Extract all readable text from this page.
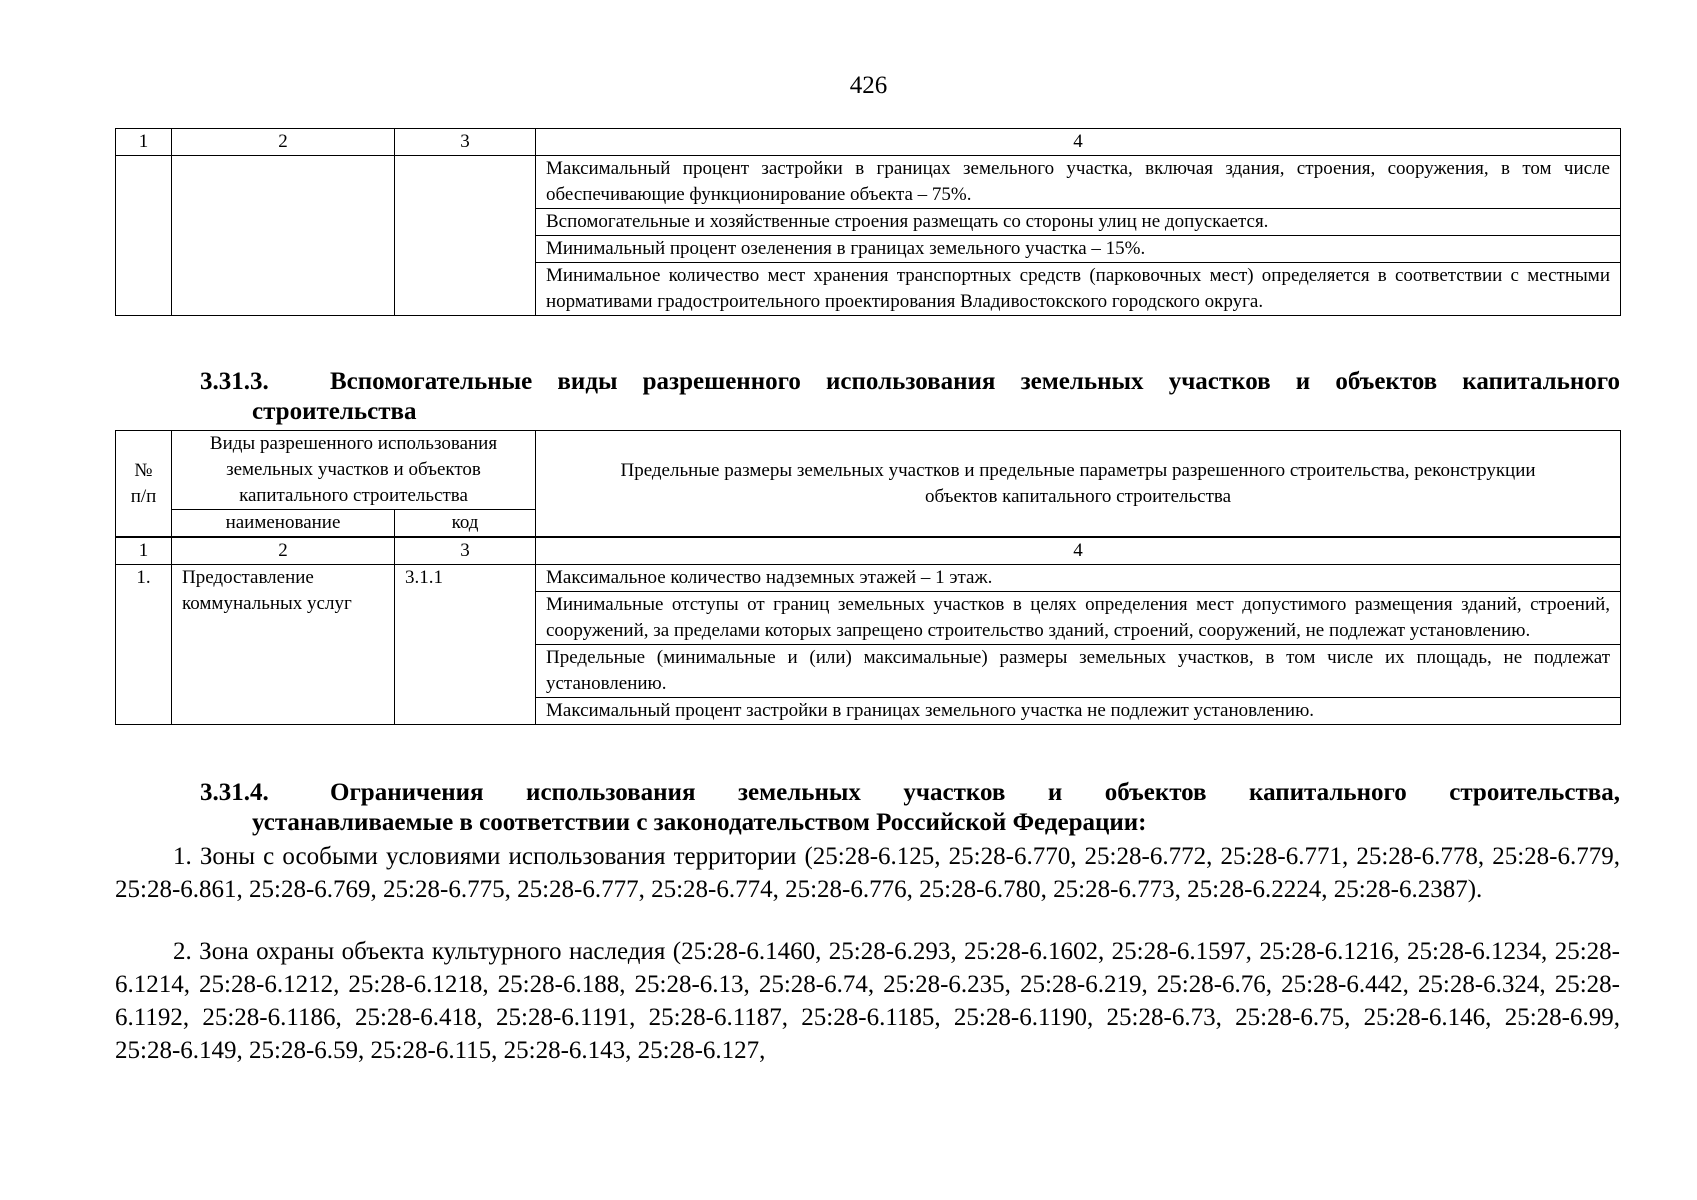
426
1	2	3	4
			Максимальный процент застройки в границах земельного участка, включая здания, строения, сооружения, в том числе обеспечивающие функционирование объекта – 75%.
			Вспомогательные и хозяйственные строения размещать со стороны улиц не допускается.
			Минимальный процент озеленения в границах земельного участка – 15%.
			Минимальное количество мест хранения транспортных средств (парковочных мест) определяется в соответствии с местными нормативами градостроительного проектирования Владивостокского городского округа.
3.31.3.	Вспомогательные виды разрешенного использования земельных участков и объектов капитального
строительства
№ п/п	Виды разрешенного использования земельных участков и объектов капитального строительства		Предельные размеры земельных участков и предельные параметры разрешенного строительства, реконструкции объектов капитального строительства
	наименование	код	
1	2	3	4
1.	Предоставление коммунальных услуг	3.1.1	Максимальное количество надземных этажей – 1 этаж.
			Минимальные отступы от границ земельных участков в целях определения мест допустимого размещения зданий, строений, сооружений, за пределами которых запрещено строительство зданий, строений, сооружений, не подлежат установлению.
			Предельные (минимальные и (или) максимальные) размеры земельных участков, в том числе их площадь, не подлежат установлению.
			Максимальный процент застройки в границах земельного участка не подлежит установлению.
3.31.4.	Ограничения использования земельных участков и объектов капитального строительства,
устанавливаемые в соответствии с законодательством Российской Федерации:

1. Зоны с особыми условиями использования территории (25:28-6.125, 25:28-6.770, 25:28-6.772, 25:28-6.771, 25:28-6.778, 25:28-6.779, 25:28-6.861, 25:28-6.769, 25:28-6.775, 25:28-6.777, 25:28-6.774, 25:28-6.776, 25:28-6.780, 25:28-6.773, 25:28-6.2224, 25:28-6.2387).

2. Зона охраны объекта культурного наследия (25:28-6.1460, 25:28-6.293, 25:28-6.1602, 25:28-6.1597, 25:28-6.1216, 25:28-6.1234, 25:28-6.1214, 25:28-6.1212, 25:28-6.1218, 25:28-6.188, 25:28-6.13, 25:28-6.74, 25:28-6.235, 25:28-6.219, 25:28-6.76, 25:28-6.442, 25:28-6.324, 25:28-6.1192, 25:28-6.1186, 25:28-6.418, 25:28-6.1191, 25:28-6.1187, 25:28-6.1185, 25:28-6.1190, 25:28-6.73, 25:28-6.75, 25:28-6.146, 25:28-6.99, 25:28-6.149, 25:28-6.59, 25:28-6.115, 25:28-6.143, 25:28-6.127,
